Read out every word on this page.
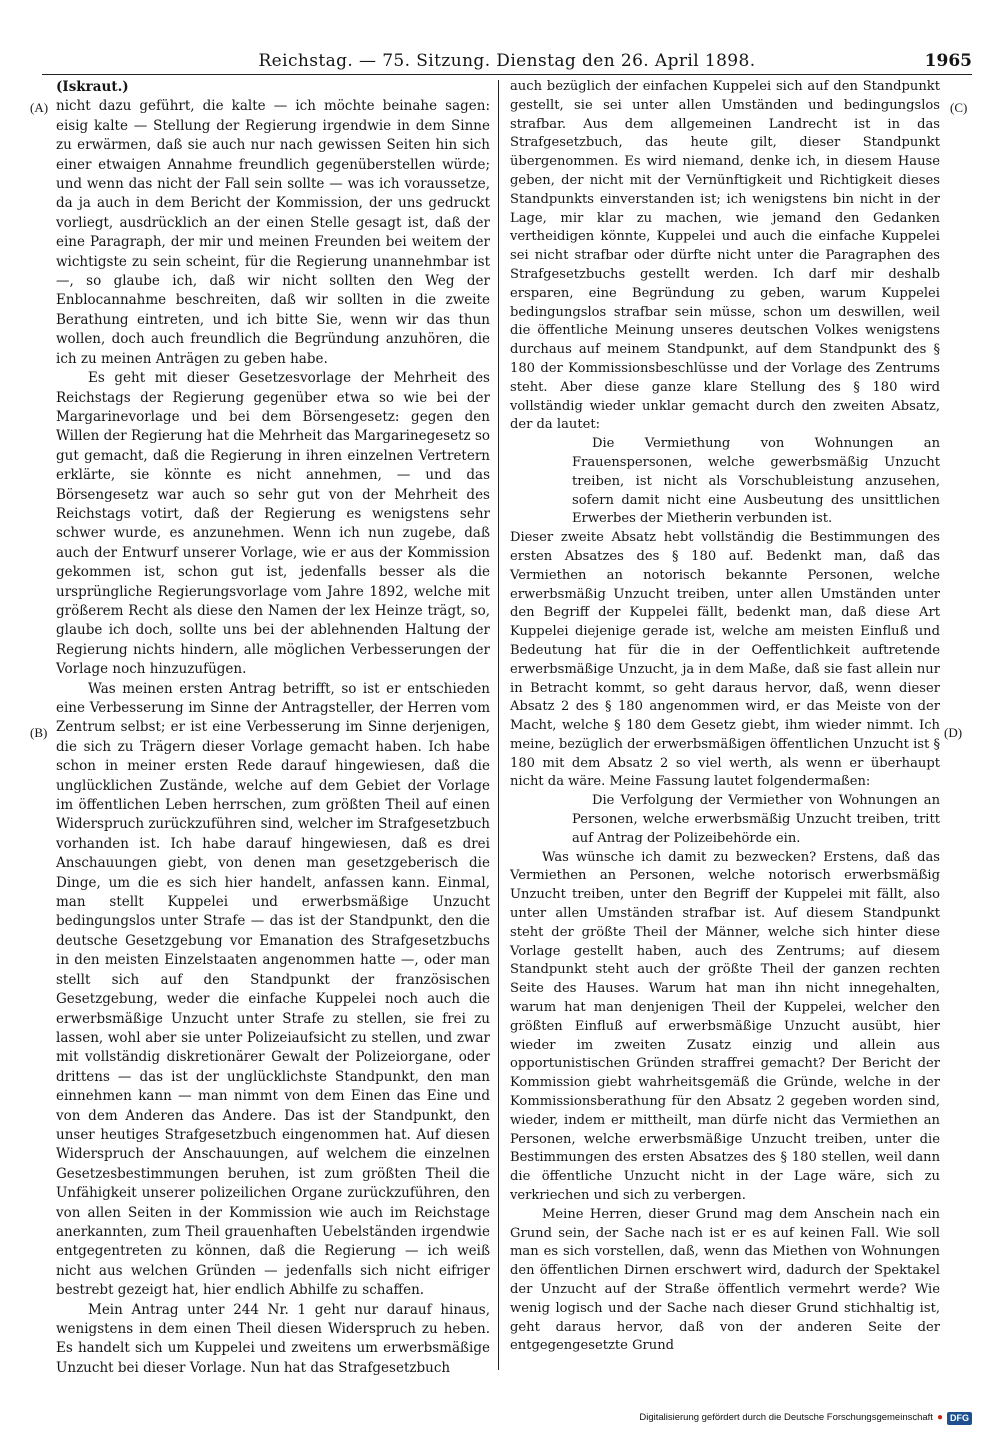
Reichstag. — 75. Sitzung. Dienstag den 26. April 1898.	1965
(A)
(B)
(C)
(D)

(Iskraut.)

nicht dazu geführt, die kalte — ich möchte beinahe sagen: eisig kalte — Stellung der Regierung irgendwie in dem Sinne zu erwärmen, daß sie auch nur nach gewissen Seiten hin sich einer etwaigen Annahme freundlich gegenüberstellen würde; und wenn das nicht der Fall sein sollte — was ich voraussetze, da ja auch in dem Bericht der Kommission, der uns gedruckt vorliegt, ausdrücklich an der einen Stelle gesagt ist, daß der eine Paragraph, der mir und meinen Freunden bei weitem der wichtigste zu sein scheint, für die Regierung unannehmbar ist —, so glaube ich, daß wir nicht sollten den Weg der Enblocannahme beschreiten, daß wir sollten in die zweite Berathung eintreten, und ich bitte Sie, wenn wir das thun wollen, doch auch freundlich die Begründung anzuhören, die ich zu meinen Anträgen zu geben habe.

Es geht mit dieser Gesetzesvorlage der Mehrheit des Reichstags der Regierung gegenüber etwa so wie bei der Margarinevorlage und bei dem Börsengesetz: gegen den Willen der Regierung hat die Mehrheit das Margarinegesetz so gut gemacht, daß die Regierung in ihren einzelnen Vertretern erklärte, sie könnte es nicht annehmen, — und das Börsengesetz war auch so sehr gut von der Mehrheit des Reichstags votirt, daß der Regierung es wenigstens sehr schwer wurde, es anzunehmen. Wenn ich nun zugebe, daß auch der Entwurf unserer Vorlage, wie er aus der Kommission gekommen ist, schon gut ist, jedenfalls besser als die ursprüngliche Regierungsvorlage vom Jahre 1892, welche mit größerem Recht als diese den Namen der lex Heinze trägt, so, glaube ich doch, sollte uns bei der ablehnenden Haltung der Regierung nichts hindern, alle möglichen Verbesserungen der Vorlage noch hinzuzufügen.

Was meinen ersten Antrag betrifft, so ist er entschieden eine Verbesserung im Sinne der Antragsteller, der Herren vom Zentrum selbst; er ist eine Verbesserung im Sinne derjenigen, die sich zu Trägern dieser Vorlage gemacht haben. Ich habe schon in meiner ersten Rede darauf hingewiesen, daß die unglücklichen Zustände, welche auf dem Gebiet der Vorlage im öffentlichen Leben herrschen, zum größten Theil auf einen Widerspruch zurückzuführen sind, welcher im Strafgesetzbuch vorhanden ist. Ich habe darauf hingewiesen, daß es drei Anschauungen giebt, von denen man gesetzgeberisch die Dinge, um die es sich hier handelt, anfassen kann. Einmal, man stellt Kuppelei und erwerbsmäßige Unzucht bedingungslos unter Strafe — das ist der Standpunkt, den die deutsche Gesetzgebung vor Emanation des Strafgesetzbuchs in den meisten Einzelstaaten angenommen hatte —, oder man stellt sich auf den Standpunkt der französischen Gesetzgebung, weder die einfache Kuppelei noch auch die erwerbsmäßige Unzucht unter Strafe zu stellen, sie frei zu lassen, wohl aber sie unter Polizeiaufsicht zu stellen, und zwar mit vollständig diskretionärer Gewalt der Polizeiorgane, oder drittens — das ist der unglücklichste Standpunkt, den man einnehmen kann — man nimmt von dem Einen das Eine und von dem Anderen das Andere. Das ist der Standpunkt, den unser heutiges Strafgesetzbuch eingenommen hat. Auf diesen Widerspruch der Anschauungen, auf welchem die einzelnen Gesetzesbestimmungen beruhen, ist zum größten Theil die Unfähigkeit unserer polizeilichen Organe zurückzuführen, den von allen Seiten in der Kommission wie auch im Reichstage anerkannten, zum Theil grauenhaften Uebelständen irgendwie entgegentreten zu können, daß die Regierung — ich weiß nicht aus welchen Gründen — jedenfalls sich nicht eifriger bestrebt gezeigt hat, hier endlich Abhilfe zu schaffen.

Mein Antrag unter 244 Nr. 1 geht nur darauf hinaus, wenigstens in dem einen Theil diesen Widerspruch zu heben. Es handelt sich um Kuppelei und zweitens um erwerbsmäßige Unzucht bei dieser Vorlage. Nun hat das Strafgesetzbuch

auch bezüglich der einfachen Kuppelei sich auf den Standpunkt gestellt, sie sei unter allen Umständen und bedingungslos strafbar. Aus dem allgemeinen Landrecht ist in das Strafgesetzbuch, das heute gilt, dieser Standpunkt übergenommen. Es wird niemand, denke ich, in diesem Hause geben, der nicht mit der Vernünftigkeit und Richtigkeit dieses Standpunkts einverstanden ist; ich wenigstens bin nicht in der Lage, mir klar zu machen, wie jemand den Gedanken vertheidigen könnte, Kuppelei und auch die einfache Kuppelei sei nicht strafbar oder dürfte nicht unter die Paragraphen des Strafgesetzbuchs gestellt werden. Ich darf mir deshalb ersparen, eine Begründung zu geben, warum Kuppelei bedingungslos strafbar sein müsse, schon um deswillen, weil die öffentliche Meinung unseres deutschen Volkes wenigstens durchaus auf meinem Standpunkt, auf dem Standpunkt des § 180 der Kommissionsbeschlüsse und der Vorlage des Zentrums steht. Aber diese ganze klare Stellung des § 180 wird vollständig wieder unklar gemacht durch den zweiten Absatz, der da lautet:

Die Vermiethung von Wohnungen an Frauenspersonen, welche gewerbsmäßig Unzucht treiben, ist nicht als Vorschubleistung anzusehen, sofern damit nicht eine Ausbeutung des unsittlichen Erwerbes der Mietherin verbunden ist.

Dieser zweite Absatz hebt vollständig die Bestimmungen des ersten Absatzes des § 180 auf. Bedenkt man, daß das Vermiethen an notorisch bekannte Personen, welche erwerbsmäßig Unzucht treiben, unter allen Umständen unter den Begriff der Kuppelei fällt, bedenkt man, daß diese Art Kuppelei diejenige gerade ist, welche am meisten Einfluß und Bedeutung hat für die in der Oeffentlichkeit auftretende erwerbsmäßige Unzucht, ja in dem Maße, daß sie fast allein nur in Betracht kommt, so geht daraus hervor, daß, wenn dieser Absatz 2 des § 180 angenommen wird, er das Meiste von der Macht, welche § 180 dem Gesetz giebt, ihm wieder nimmt. Ich meine, bezüglich der erwerbsmäßigen öffentlichen Unzucht ist § 180 mit dem Absatz 2 so viel werth, als wenn er überhaupt nicht da wäre. Meine Fassung lautet folgendermaßen:

Die Verfolgung der Vermiether von Wohnungen an Personen, welche erwerbsmäßig Unzucht treiben, tritt auf Antrag der Polizeibehörde ein.

Was wünsche ich damit zu bezwecken? Erstens, daß das Vermiethen an Personen, welche notorisch erwerbsmäßig Unzucht treiben, unter den Begriff der Kuppelei mit fällt, also unter allen Umständen strafbar ist. Auf diesem Standpunkt steht der größte Theil der Männer, welche sich hinter diese Vorlage gestellt haben, auch des Zentrums; auf diesem Standpunkt steht auch der größte Theil der ganzen rechten Seite des Hauses. Warum hat man ihn nicht innegehalten, warum hat man denjenigen Theil der Kuppelei, welcher den größten Einfluß auf erwerbsmäßige Unzucht ausübt, hier wieder im zweiten Zusatz einzig und allein aus opportunistischen Gründen straffrei gemacht? Der Bericht der Kommission giebt wahrheitsgemäß die Gründe, welche in der Kommissionsberathung für den Absatz 2 gegeben worden sind, wieder, indem er mittheilt, man dürfe nicht das Vermiethen an Personen, welche erwerbsmäßige Unzucht treiben, unter die Bestimmungen des ersten Absatzes des § 180 stellen, weil dann die öffentliche Unzucht nicht in der Lage wäre, sich zu verkriechen und sich zu verbergen.

Meine Herren, dieser Grund mag dem Anschein nach ein Grund sein, der Sache nach ist er es auf keinen Fall. Wie soll man es sich vorstellen, daß, wenn das Miethen von Wohnungen den öffentlichen Dirnen erschwert wird, dadurch der Spektakel der Unzucht auf der Straße öffentlich vermehrt werde? Wie wenig logisch und der Sache nach dieser Grund stichhaltig ist, geht daraus hervor, daß von der anderen Seite der entgegengesetzte Grund

Digitalisierung gefördert durch die Deutsche Forschungsgemeinschaft ● DFG
